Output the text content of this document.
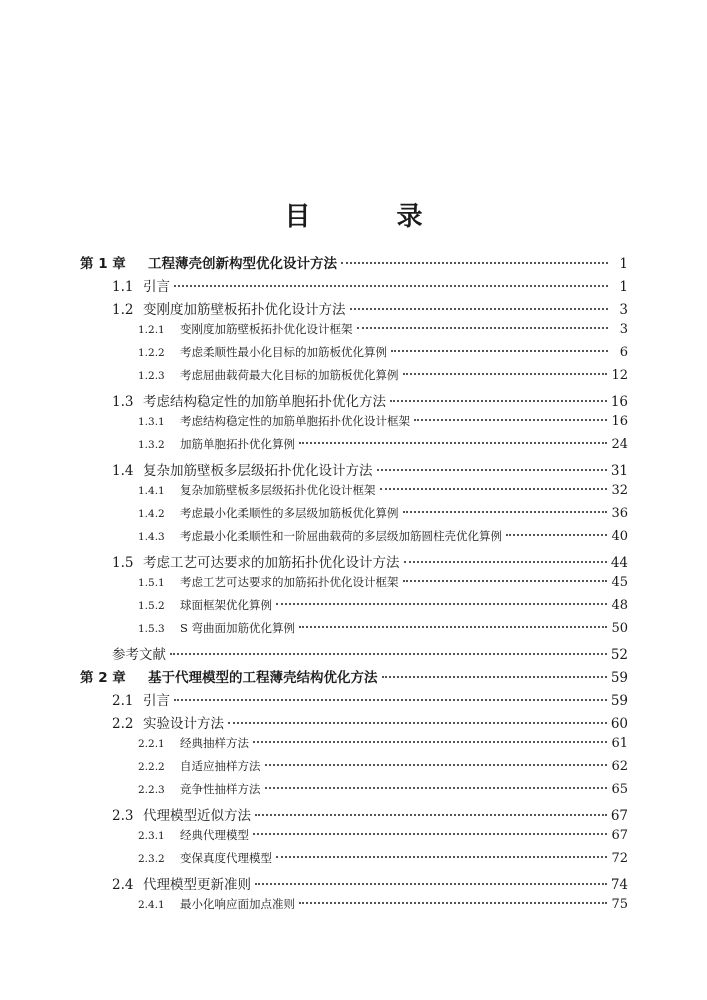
目　录
第 1 章	工程薄壳创新构型优化设计方法	1
1.1 引言	1
1.2 变刚度加筋壁板拓扑优化设计方法	3
1.2.1	变刚度加筋壁板拓扑优化设计框架	3
1.2.2	考虑柔顺性最小化目标的加筋板优化算例	6
1.2.3	考虑屈曲载荷最大化目标的加筋板优化算例	12
1.3 考虑结构稳定性的加筋单胞拓扑优化方法	16
1.3.1	考虑结构稳定性的加筋单胞拓扑优化设计框架	16
1.3.2	加筋单胞拓扑优化算例	24
1.4 复杂加筋壁板多层级拓扑优化设计方法	31
1.4.1	复杂加筋壁板多层级拓扑优化设计框架	32
1.4.2	考虑最小化柔顺性的多层级加筋板优化算例	36
1.4.3	考虑最小化柔顺性和一阶屈曲载荷的多层级加筋圆柱壳优化算例	40
1.5 考虑工艺可达要求的加筋拓扑优化设计方法	44
1.5.1	考虑工艺可达要求的加筋拓扑优化设计框架	45
1.5.2	球面框架优化算例	48
1.5.3	S 弯曲面加筋优化算例	50
参考文献	52
第 2 章	基于代理模型的工程薄壳结构优化方法	59
2.1 引言	59
2.2 实验设计方法	60
2.2.1	经典抽样方法	61
2.2.2	自适应抽样方法	62
2.2.3	竞争性抽样方法	65
2.3 代理模型近似方法	67
2.3.1	经典代理模型	67
2.3.2	变保真度代理模型	72
2.4 代理模型更新准则	74
2.4.1	最小化响应面加点准则	75
